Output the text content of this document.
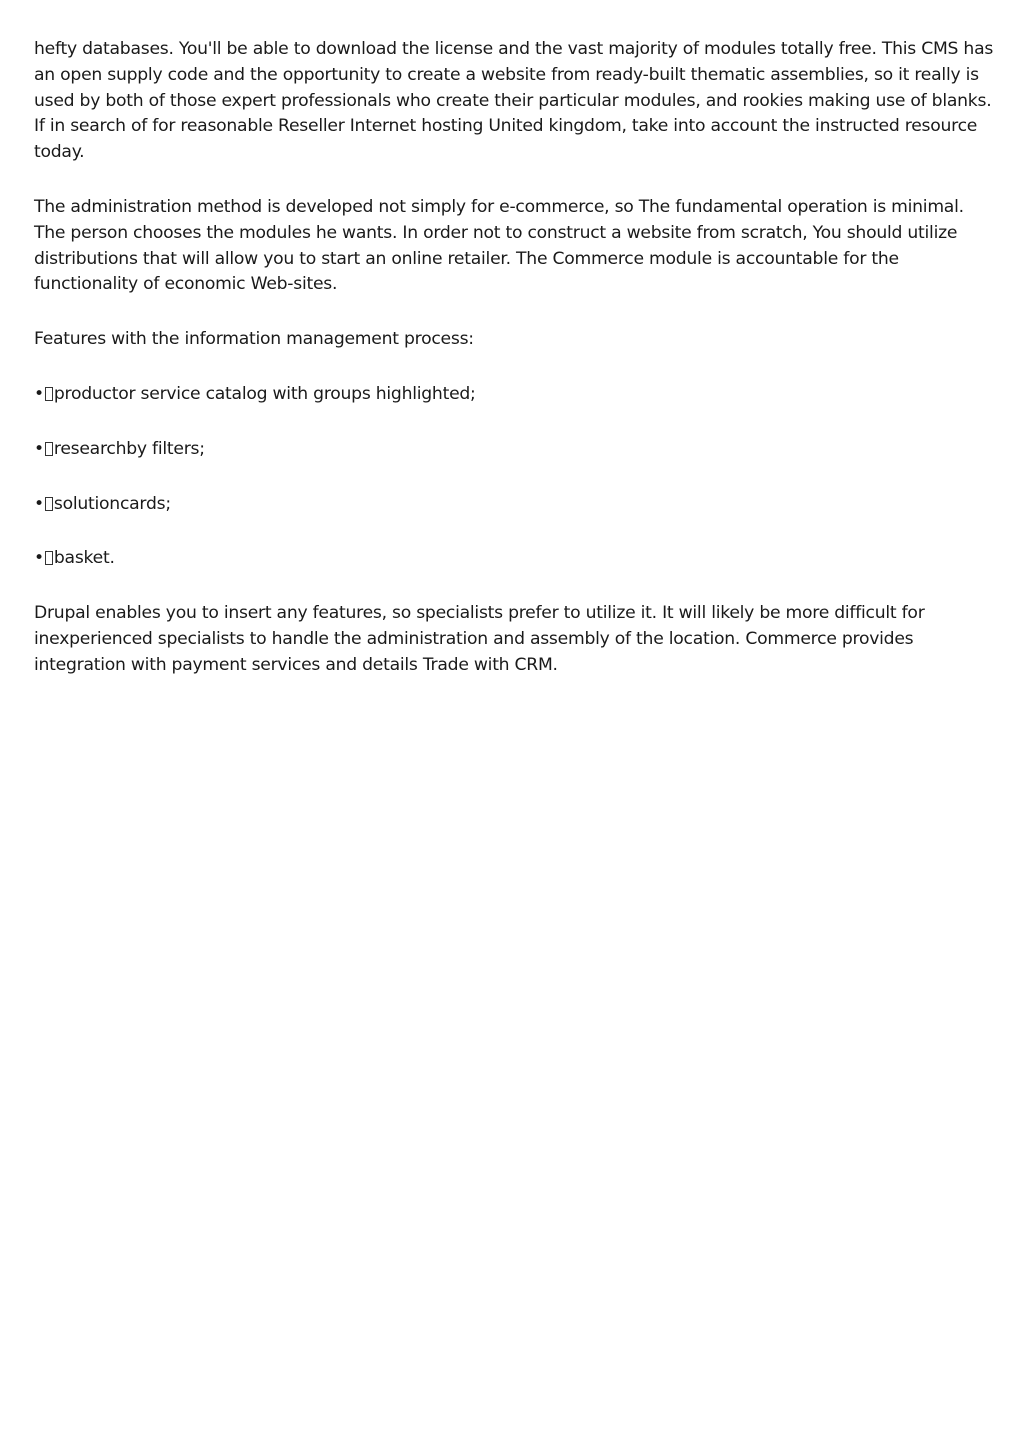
hefty databases. You'll be able to download the license and the vast majority of modules totally free. This CMS has an open supply code and the opportunity to create a website from ready-built thematic assemblies, so it really is used by both of those expert professionals who create their particular modules, and rookies making use of blanks. If in search of for reasonable Reseller Internet hosting United kingdom, take into account the instructed resource today.

The administration method is developed not simply for e-commerce, so The fundamental operation is minimal. The person chooses the modules he wants. In order not to construct a website from scratch, You should utilize distributions that will allow you to start an online retailer. The Commerce module is accountable for the functionality of economic Web-sites.

Features with the information management process:

• productor service catalog with groups highlighted;
• researchby filters;
• solutioncards;
• basket.

Drupal enables you to insert any features, so specialists prefer to utilize it. It will likely be more difficult for inexperienced specialists to handle the administration and assembly of the location. Commerce provides integration with payment services and details Trade with CRM.
